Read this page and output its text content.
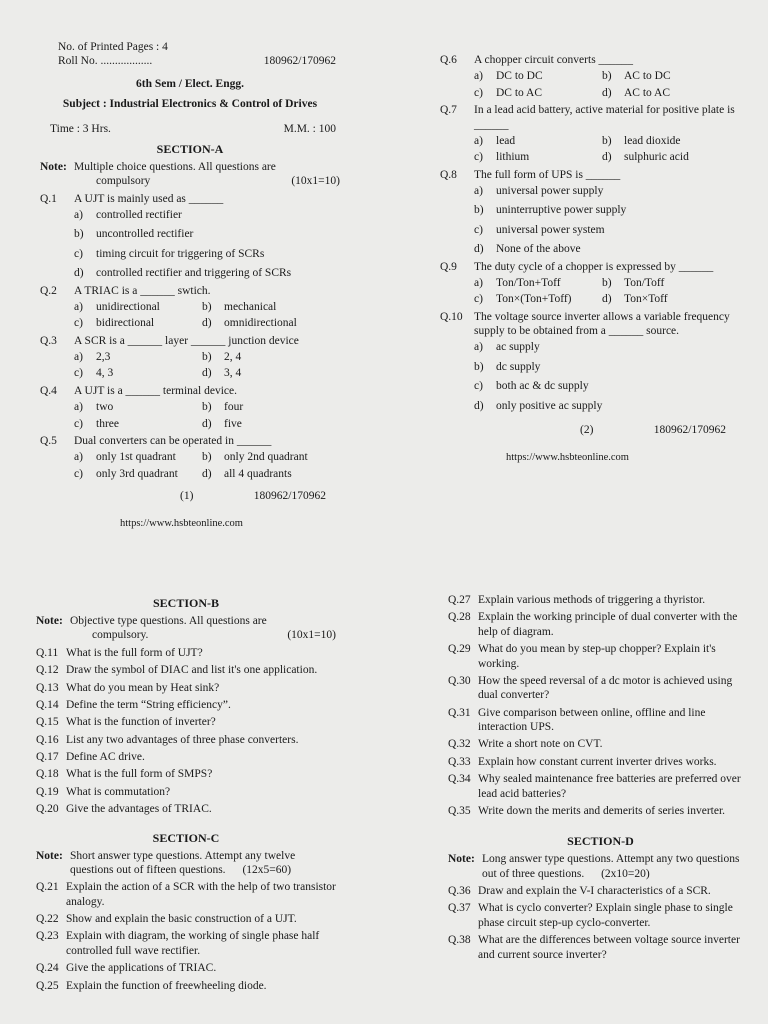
No. of Printed Pages : 4
Roll No. ..................	180962/170962
6th Sem / Elect. Engg.
Subject : Industrial Electronics & Control of Drives
Time : 3 Hrs.	M.M. : 100
SECTION-A
Note: Multiple choice questions. All questions are
compulsory	(10x1=10)
Q.1	A UJT is mainly used as ______
a)	controlled rectifier
b)	uncontrolled rectifier
c)	timing circuit for triggering of SCRs
d)	controlled rectifier and triggering of SCRs
Q.2	A TRIAC is a ______ swtich.
a)	unidirectional	b)	mechanical
c)	bidirectional	d)	omnidirectional
Q.3	A SCR is a ______ layer ______ junction device
a)	2,3	b)	2, 4
c)	4, 3	d)	3, 4
Q.4	A UJT is a ______ terminal device.
a)	two	b)	four
c)	three	d)	five
Q.5	Dual converters can be operated in ______
a)	only 1st quadrant b)	only 2nd quadrant
c)	only 3rd quadrant d)	all 4 quadrants
(1)	180962/170962
https://www.hsbteonline.com
Q.6	A chopper circuit converts ______
a)	DC to DC	b)	AC to DC
c)	DC to AC	d)	AC to AC
Q.7	In a lead acid battery, active material for positive plate is ______
a)	lead	b)	lead dioxide
c)	lithium	d)	sulphuric acid
Q.8	The full form of UPS is ______
a)	universal power supply
b)	uninterruptive power supply
c)	universal power system
d)	None of the above
Q.9	The duty cycle of a chopper is expressed by ______
a)	Ton/Ton+Toff	b)	Ton/Toff
c)	Ton×(Ton+Toff)	d)	Ton×Toff
Q.10 The voltage source inverter allows a variable frequency supply to be obtained from a ______ source.
a)	ac supply
b)	dc supply
c)	both ac & dc supply
d)	only positive ac supply
(2)	180962/170962
https://www.hsbteonline.com
SECTION-B
Note: Objective type questions. All questions are
compulsory.	(10x1=10)
Q.11 What is the full form of UJT?
Q.12 Draw the symbol of DIAC and list it's one application.
Q.13 What do you mean by Heat sink?
Q.14 Define the term “String efficiency”.
Q.15 What is the function of inverter?
Q.16 List any two advantages of three phase converters.
Q.17 Define AC drive.
Q.18 What is the full form of SMPS?
Q.19 What is commutation?
Q.20 Give the advantages of TRIAC.
SECTION-C
Note: Short answer type questions. Attempt any twelve questions out of fifteen questions. (12x5=60)
Q.21 Explain the action of a SCR with the help of two transistor analogy.
Q.22 Show and explain the basic construction of a UJT.
Q.23 Explain with diagram, the working of single phase half controlled full wave rectifier.
Q.24 Give the applications of TRIAC.
Q.25 Explain the function of freewheeling diode.
Q.27 Explain various methods of triggering a thyristor.
Q.28 Explain the working principle of dual converter with the help of diagram.
Q.29 What do you mean by step-up chopper? Explain it's working.
Q.30 How the speed reversal of a dc motor is achieved using dual converter?
Q.31 Give comparison between online, offline and line interaction UPS.
Q.32 Write a short note on CVT.
Q.33 Explain how constant current inverter drives works.
Q.34 Why sealed maintenance free batteries are preferred over lead acid batteries?
Q.35 Write down the merits and demerits of series inverter.
SECTION-D
Note: Long answer type questions. Attempt any two questions out of three questions. (2x10=20)
Q.36 Draw and explain the V-I characteristics of a SCR.
Q.37 What is cyclo converter? Explain single phase to single phase circuit step-up cyclo-converter.
Q.38 What are the differences between voltage source inverter and current source inverter?
